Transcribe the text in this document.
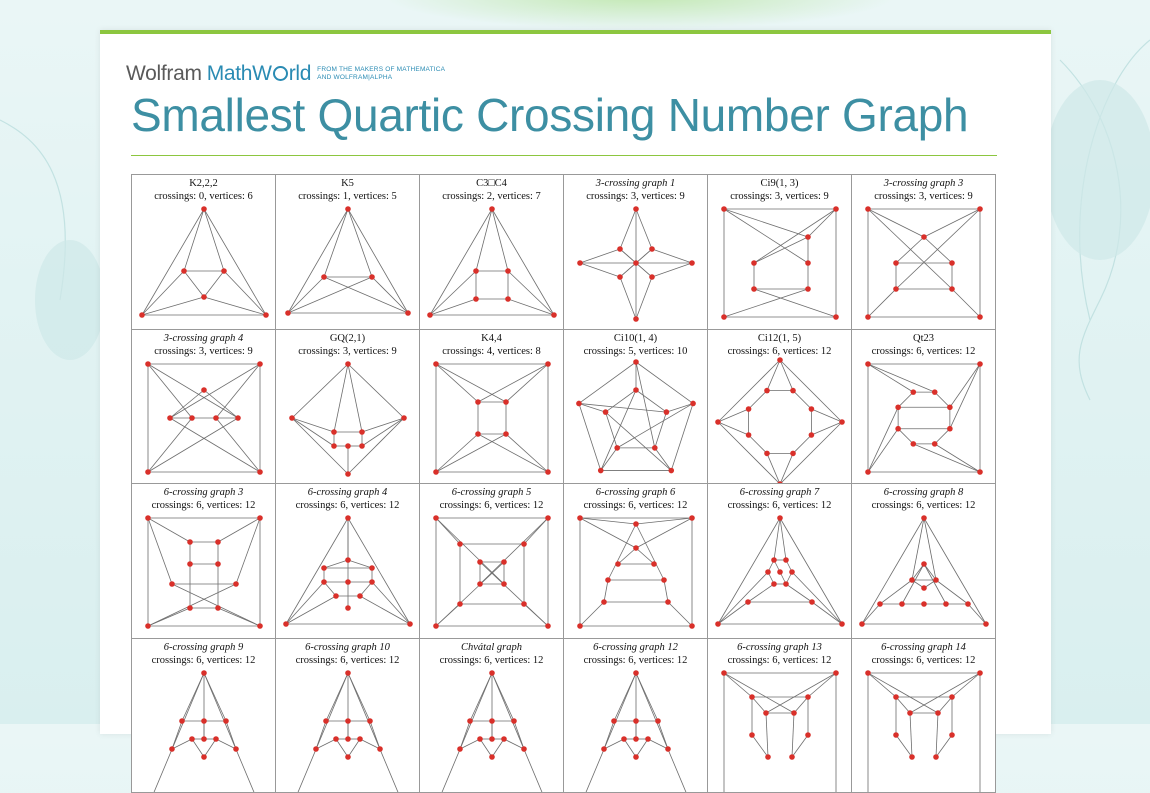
Wolfram MathW rld FROM THE MAKERS OF MATHEMATICA
AND WOLFRAM|ALPHA
Smallest Quartic Crossing Number Graph
K2,2,2
crossings: 0, vertices: 6
K5
crossings: 1, vertices: 5
C3□C4
crossings: 2, vertices: 7
3-crossing graph 1
crossings: 3, vertices: 9
Ci9(1, 3)
crossings: 3, vertices: 9
3-crossing graph 3
crossings: 3, vertices: 9
3-crossing graph 4
crossings: 3, vertices: 9
GQ(2,1)
crossings: 3, vertices: 9
K4,4
crossings: 4, vertices: 8
Ci10(1, 4)
crossings: 5, vertices: 10
Ci12(1, 5)
crossings: 6, vertices: 12
Qt23
crossings: 6, vertices: 12
6-crossing graph 3
crossings: 6, vertices: 12
6-crossing graph 4
crossings: 6, vertices: 12
6-crossing graph 5
crossings: 6, vertices: 12
6-crossing graph 6
crossings: 6, vertices: 12
6-crossing graph 7
crossings: 6, vertices: 12
6-crossing graph 8
crossings: 6, vertices: 12
6-crossing graph 9
crossings: 6, vertices: 12
6-crossing graph 10
crossings: 6, vertices: 12
Chvátal graph
crossings: 6, vertices: 12
6-crossing graph 12
crossings: 6, vertices: 12
6-crossing graph 13
crossings: 6, vertices: 12
6-crossing graph 14
crossings: 6, vertices: 12
